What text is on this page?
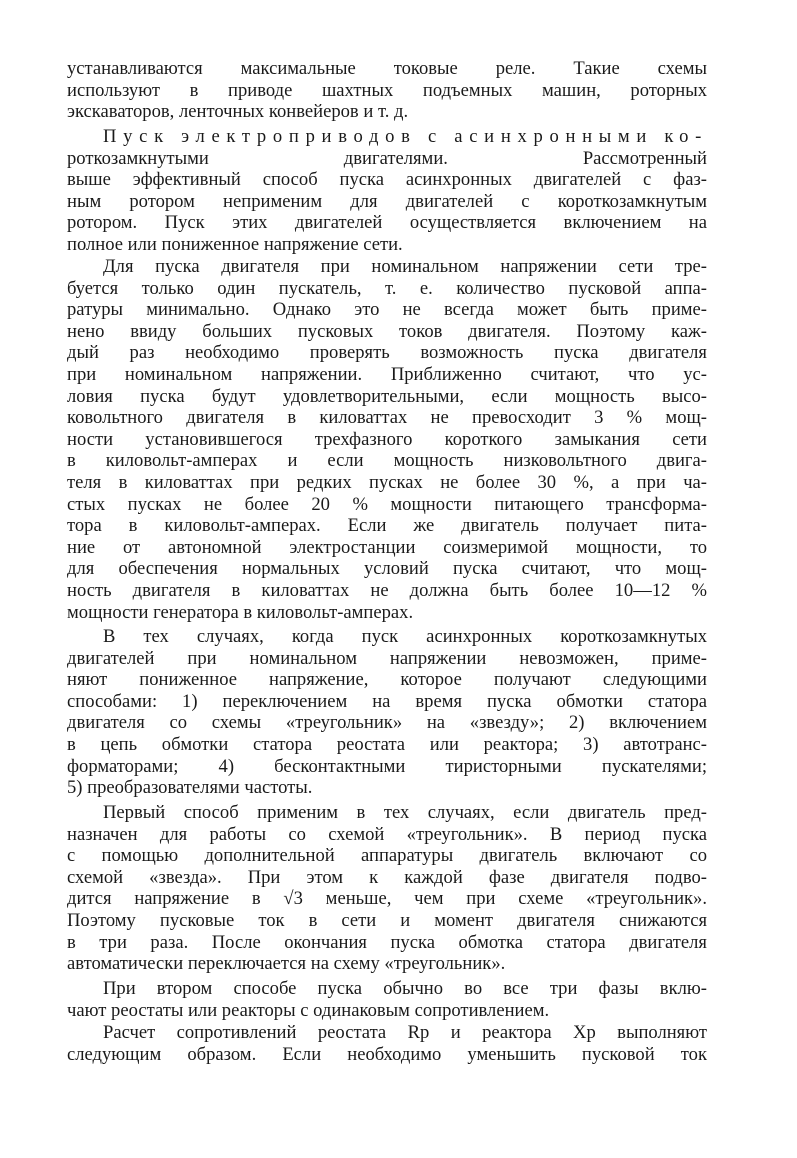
устанавливаются максимальные токовые реле. Такие схемы
используют в приводе шахтных подъемных машин, роторных
экскаваторов, ленточных конвейеров и т. д.
Пуск электроприводов с асинхронными ко-
роткозамкнутыми двигателями. Рассмотренный
выше эффективный способ пуска асинхронных двигателей с фаз-
ным ротором неприменим для двигателей с короткозамкнутым
ротором. Пуск этих двигателей осуществляется включением на
полное или пониженное напряжение сети.
Для пуска двигателя при номинальном напряжении сети тре-
буется только один пускатель, т. е. количество пусковой аппа-
ратуры минимально. Однако это не всегда может быть приме-
нено ввиду больших пусковых токов двигателя. Поэтому каж-
дый раз необходимо проверять возможность пуска двигателя
при номинальном напряжении. Приближенно считают, что ус-
ловия пуска будут удовлетворительными, если мощность высо-
ковольтного двигателя в киловаттах не превосходит 3 % мощ-
ности установившегося трехфазного короткого замыкания сети
в киловольт-амперах и если мощность низковольтного двига-
теля в киловаттах при редких пусках не более 30 %, а при ча-
стых пусках не более 20 % мощности питающего трансформа-
тора в киловольт-амперах. Если же двигатель получает пита-
ние от автономной электростанции соизмеримой мощности, то
для обеспечения нормальных условий пуска считают, что мощ-
ность двигателя в киловаттах не должна быть более 10—12 %
мощности генератора в киловольт-амперах.
В тех случаях, когда пуск асинхронных короткозамкнутых
двигателей при номинальном напряжении невозможен, приме-
няют пониженное напряжение, которое получают следующими
способами: 1) переключением на время пуска обмотки статора
двигателя со схемы «треугольник» на «звезду»; 2) включением
в цепь обмотки статора реостата или реактора; 3) автотранс-
форматорами; 4) бесконтактными тиристорными пускателями;
5) преобразователями частоты.
Первый способ применим в тех случаях, если двигатель пред-
назначен для работы со схемой «треугольник». В период пуска
с помощью дополнительной аппаратуры двигатель включают со
схемой «звезда». При этом к каждой фазе двигателя подво-
дится напряжение в √3 меньше, чем при схеме «треугольник».
Поэтому пусковые ток в сети и момент двигателя снижаются
в три раза. После окончания пуска обмотка статора двигателя
автоматически переключается на схему «треугольник».
При втором способе пуска обычно во все три фазы вклю-
чают реостаты или реакторы с одинаковым сопротивлением.
Расчет сопротивлений реостата Rр и реактора Xр выполняют
следующим образом. Если необходимо уменьшить пусковой ток
